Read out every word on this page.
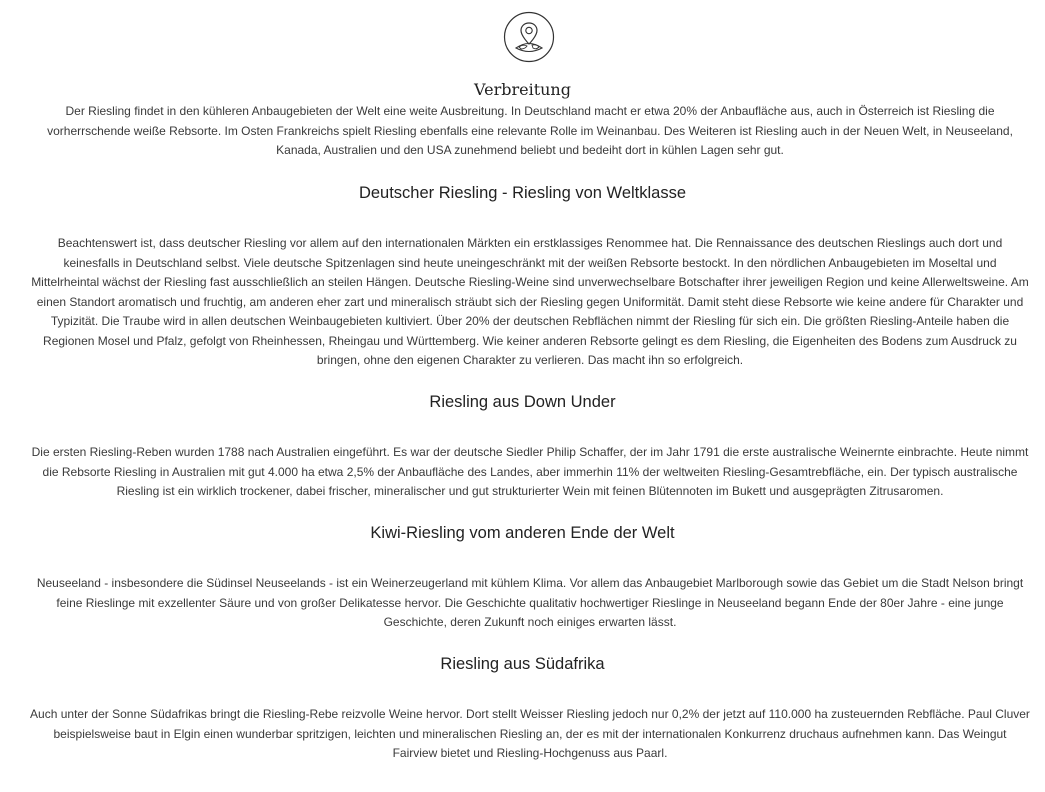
Verbreitung

Der Riesling findet in den kühleren Anbaugebieten der Welt eine weite Ausbreitung. In Deutschland macht er etwa 20% der Anbaufläche aus, auch in Österreich ist Riesling die vorherrschende weiße Rebsorte. Im Osten Frankreichs spielt Riesling ebenfalls eine relevante Rolle im Weinanbau. Des Weiteren ist Riesling auch in der Neuen Welt, in Neuseeland, Kanada, Australien und den USA zunehmend beliebt und bedeiht dort in kühlen Lagen sehr gut.

Deutscher Riesling - Riesling von Weltklasse

Beachtenswert ist, dass deutscher Riesling vor allem auf den internationalen Märkten ein erstklassiges Renommee hat. Die Rennaissance des deutschen Rieslings auch dort und keinesfalls in Deutschland selbst. Viele deutsche Spitzenlagen sind heute uneingeschränkt mit der weißen Rebsorte bestockt. In den nördlichen Anbaugebieten im Moseltal und Mittelrheintal wächst der Riesling fast ausschließlich an steilen Hängen. Deutsche Riesling-Weine sind unverwechselbare Botschafter ihrer jeweiligen Region und keine Allerweltsweine. Am einen Standort aromatisch und fruchtig, am anderen eher zart und mineralisch sträubt sich der Riesling gegen Uniformität. Damit steht diese Rebsorte wie keine andere für Charakter und Typizität. Die Traube wird in allen deutschen Weinbaugebieten kultiviert. Über 20% der deutschen Rebflächen nimmt der Riesling für sich ein. Die größten Riesling-Anteile haben die Regionen Mosel und Pfalz, gefolgt von Rheinhessen, Rheingau und Württemberg. Wie keiner anderen Rebsorte gelingt es dem Riesling, die Eigenheiten des Bodens zum Ausdruck zu bringen, ohne den eigenen Charakter zu verlieren. Das macht ihn so erfolgreich.

Riesling aus Down Under

Die ersten Riesling-Reben wurden 1788 nach Australien eingeführt. Es war der deutsche Siedler Philip Schaffer, der im Jahr 1791 die erste australische Weinernte einbrachte. Heute nimmt die Rebsorte Riesling in Australien mit gut 4.000 ha etwa 2,5% der Anbaufläche des Landes, aber immerhin 11% der weltweiten Riesling-Gesamtrebfläche, ein. Der typisch australische Riesling ist ein wirklich trockener, dabei frischer, mineralischer und gut strukturierter Wein mit feinen Blütennoten im Bukett und ausgeprägten Zitrusaromen.

Kiwi-Riesling vom anderen Ende der Welt

Neuseeland - insbesondere die Südinsel Neuseelands - ist ein Weinerzeugerland mit kühlem Klima. Vor allem das Anbaugebiet Marlborough sowie das Gebiet um die Stadt Nelson bringt feine Rieslinge mit exzellenter Säure und von großer Delikatesse hervor. Die Geschichte qualitativ hochwertiger Rieslinge in Neuseeland begann Ende der 80er Jahre - eine junge Geschichte, deren Zukunft noch einiges erwarten lässt.

Riesling aus Südafrika

Auch unter der Sonne Südafrikas bringt die Riesling-Rebe reizvolle Weine hervor. Dort stellt Weisser Riesling jedoch nur 0,2% der jetzt auf 110.000 ha zusteuernden Rebfläche. Paul Cluver beispielsweise baut in Elgin einen wunderbar spritzigen, leichten und mineralischen Riesling an, der es mit der internationalen Konkurrenz druchaus aufnehmen kann. Das Weingut Fairview bietet und Riesling-Hochgenuss aus Paarl.
